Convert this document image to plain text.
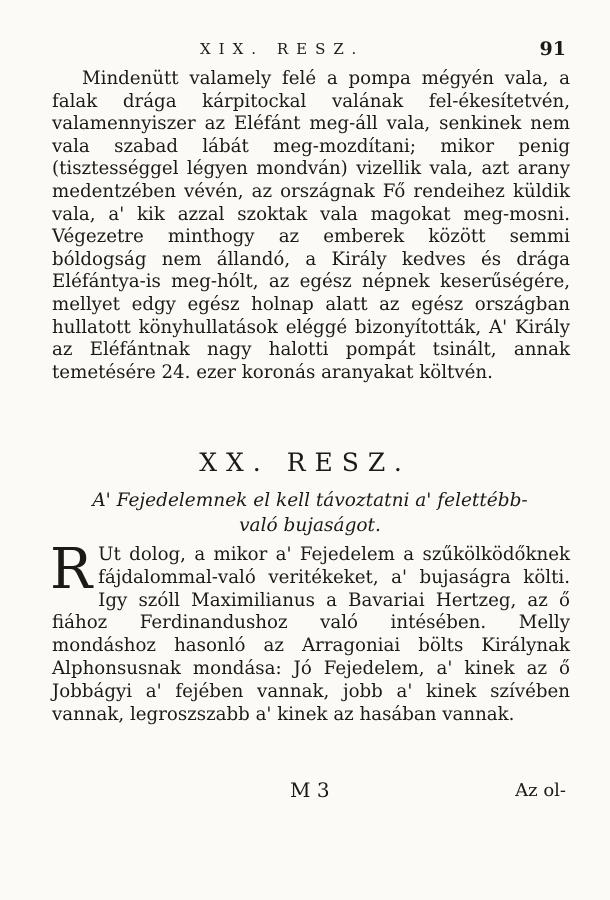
XIX. RESZ.	91

Mindenütt valamely felé a pompa mégyén vala, a falak drága kárpitockal valának fel-ékesítetvén, valamennyiszer az Eléfánt meg-áll vala, senkinek nem vala szabad lábát meg-mozdítani; mikor penig (tisztességgel légyen mondván) vizellik vala, azt arany medentzében vévén, az országnak Fő rendeihez küldik vala, a' kik azzal szoktak vala magokat meg-mosni. Végezetre minthogy az emberek között semmi bóldogság nem állandó, a Király kedves és drága Eléfántya-is meg-hólt, az egész népnek keserűségére, mellyet edgy egész holnap alatt az egész országban hullatott könyhullatások eléggé bizonyították, A' Király az Eléfántnak nagy halotti pompát tsinált, annak temetésére 24. ezer koronás aranyakat költvén.

XX. RESZ.
A' Fejedelemnek el kell távoztatni a' felettébb-való bujaságot.
R Ut dolog, a mikor a' Fejedelem a szűkölködőknek fájdalommal-való veritékeket, a' bujaságra költi. Igy szóll Maximilianus a Bavariai Hertzeg, az ő fiához Ferdinandushoz való intésében. Melly mondáshoz hasonló az Arragoniai bölts Királynak Alphonsusnak mondása: Jó Fejedelem, a' kinek az ő Jobbágyi a' fejében vannak, jobb a' kinek szívében vannak, legroszszabb a' kinek az hasában vannak.
M 3	Az ol-
